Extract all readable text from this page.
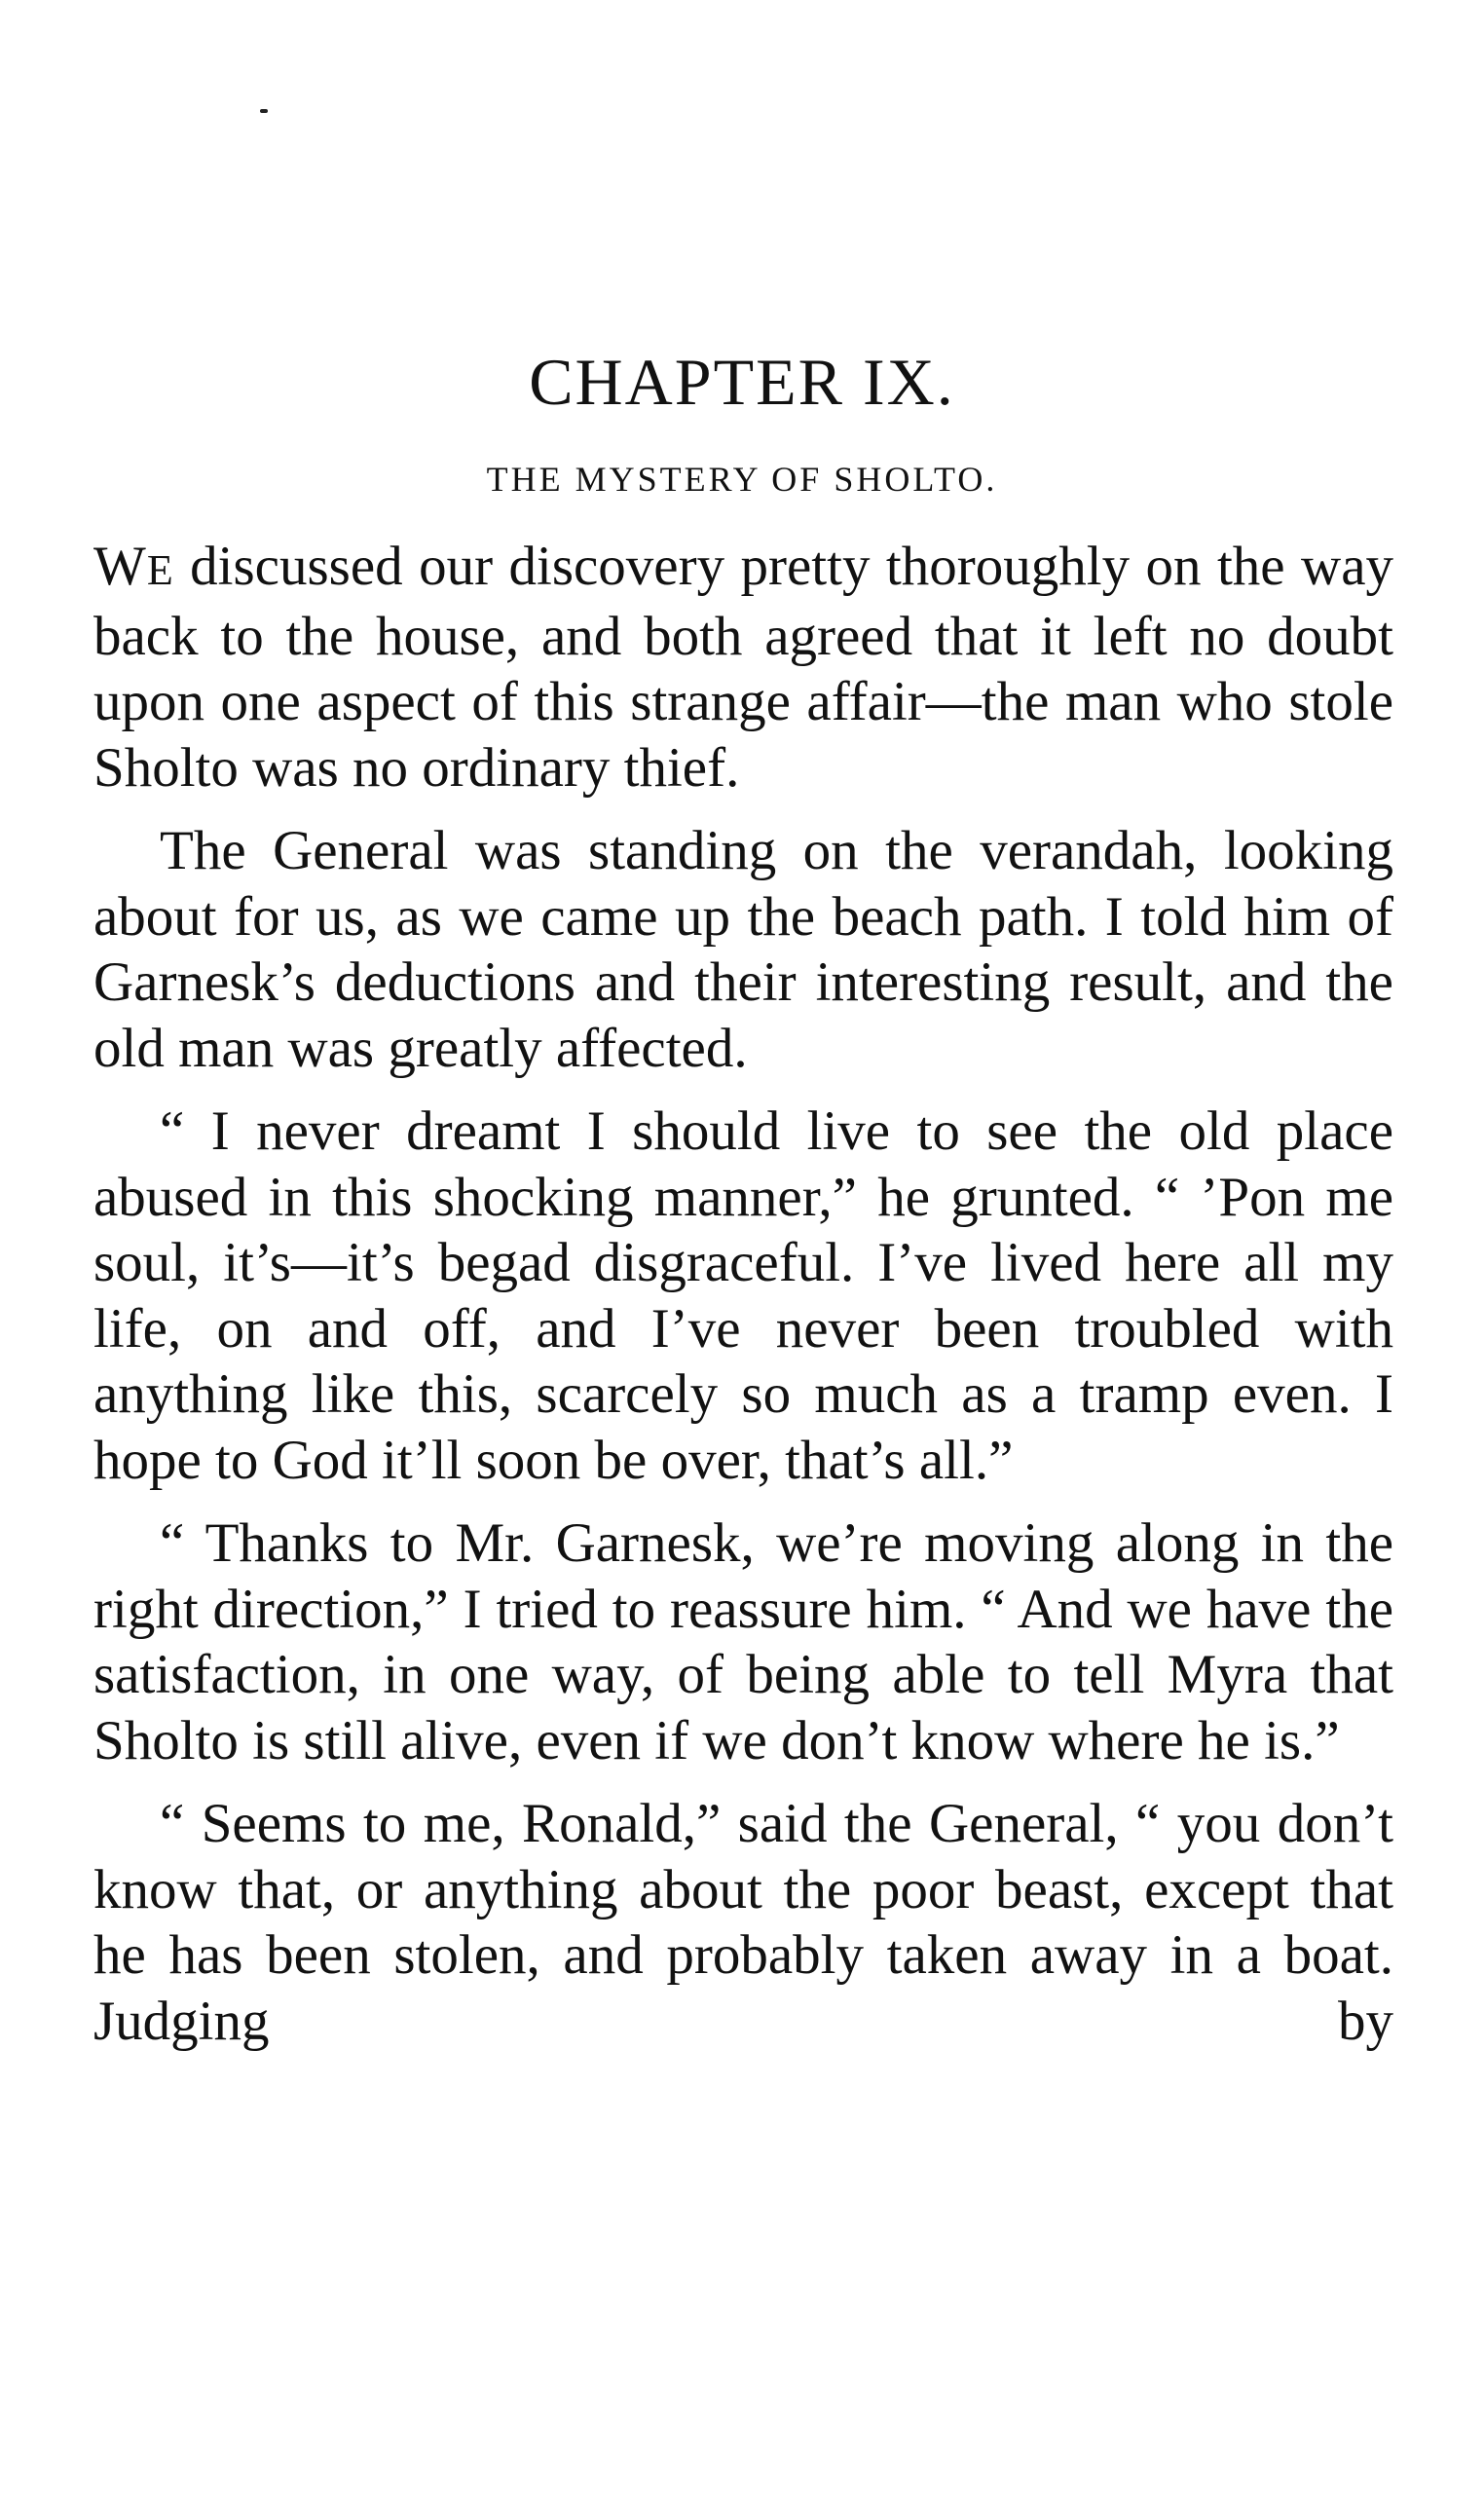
CHAPTER IX.
THE MYSTERY OF SHOLTO.

WE discussed our discovery pretty thoroughly on the way back to the house, and both agreed that it left no doubt upon one aspect of this strange affair—the man who stole Sholto was no ordinary thief.

The General was standing on the verandah, looking about for us, as we came up the beach path. I told him of Garnesk’s deductions and their interesting result, and the old man was greatly affected.

“ I never dreamt I should live to see the old place abused in this shocking manner,” he grunted. “ ’Pon me soul, it’s—it’s begad disgraceful. I’ve lived here all my life, on and off, and I’ve never been troubled with anything like this, scarcely so much as a tramp even. I hope to God it’ll soon be over, that’s all.”

“ Thanks to Mr. Garnesk, we’re moving along in the right direction,” I tried to reassure him. “ And we have the satisfaction, in one way, of being able to tell Myra that Sholto is still alive, even if we don’t know where he is.”

“ Seems to me, Ronald,” said the General, “ you don’t know that, or anything about the poor beast, except that he has been stolen, and probably taken away in a boat. Judging by
